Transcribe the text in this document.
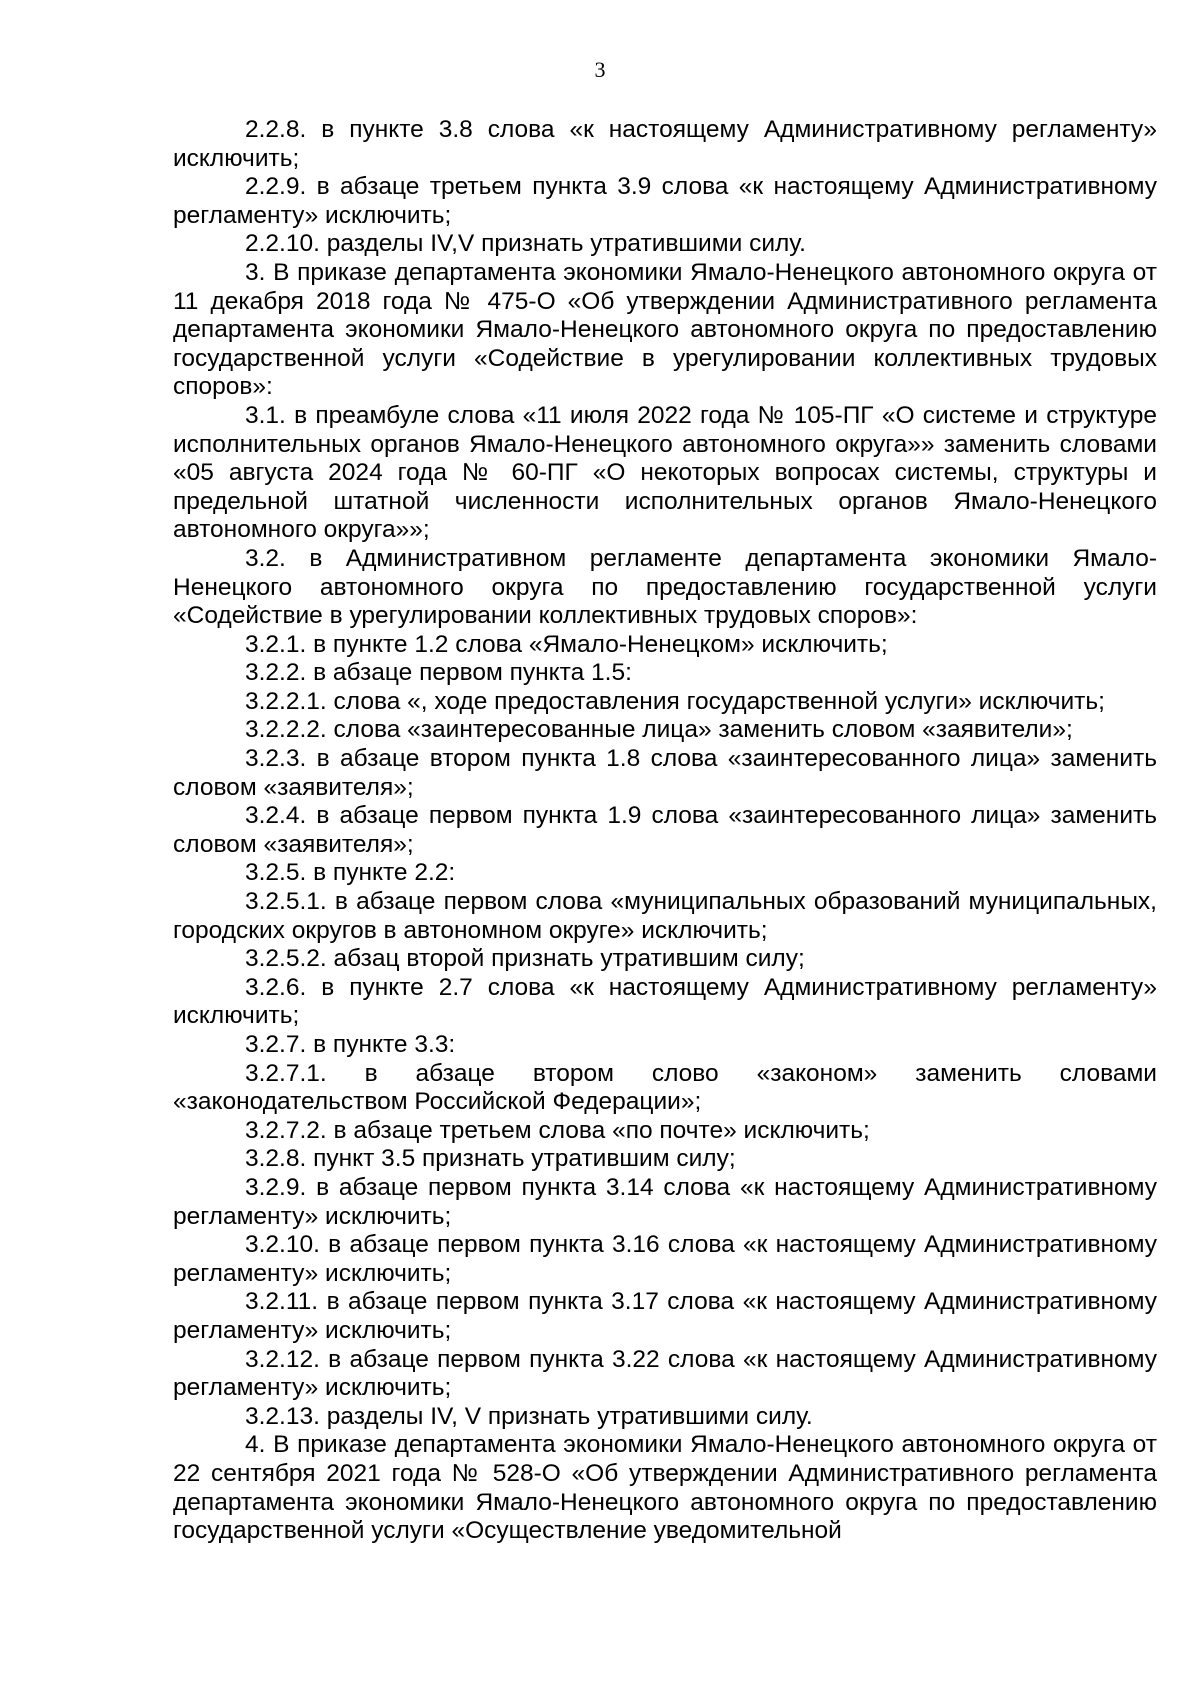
3

2.2.8. в пункте 3.8 слова «к настоящему Административному регламенту» исключить;

2.2.9. в абзаце третьем пункта 3.9 слова «к настоящему Административному регламенту» исключить;

2.2.10. разделы IV,V признать утратившими силу.

3. В приказе департамента экономики Ямало-Ненецкого автономного округа от 11 декабря 2018 года № 475-О «Об утверждении Административного регламента департамента экономики Ямало-Ненецкого автономного округа по предоставлению государственной услуги «Содействие в урегулировании коллективных трудовых споров»:

3.1. в преамбуле слова «11 июля 2022 года № 105-ПГ «О системе и структуре исполнительных органов Ямало-Ненецкого автономного округа»» заменить словами «05 августа 2024 года № 60-ПГ «О некоторых вопросах системы, структуры и предельной штатной численности исполнительных органов Ямало-Ненецкого автономного округа»»;

3.2. в Административном регламенте департамента экономики Ямало-Ненецкого автономного округа по предоставлению государственной услуги «Содействие в урегулировании коллективных трудовых споров»:

3.2.1. в пункте 1.2 слова «Ямало-Ненецком» исключить;

3.2.2. в абзаце первом пункта 1.5:

3.2.2.1. слова «, ходе предоставления государственной услуги» исключить;

3.2.2.2. слова «заинтересованные лица» заменить словом «заявители»;

3.2.3. в абзаце втором пункта 1.8 слова «заинтересованного лица» заменить словом «заявителя»;

3.2.4. в абзаце первом пункта 1.9 слова «заинтересованного лица» заменить словом «заявителя»;

3.2.5. в пункте 2.2:

3.2.5.1. в абзаце первом слова «муниципальных образований муниципальных, городских округов в автономном округе» исключить;

3.2.5.2. абзац второй признать утратившим силу;

3.2.6. в пункте 2.7 слова «к настоящему Административному регламенту» исключить;

3.2.7. в пункте 3.3:

3.2.7.1. в абзаце втором слово «законом» заменить словами «законодательством Российской Федерации»;

3.2.7.2. в абзаце третьем слова «по почте» исключить;

3.2.8. пункт 3.5 признать утратившим силу;

3.2.9. в абзаце первом пункта 3.14 слова «к настоящему Административному регламенту» исключить;

3.2.10. в абзаце первом пункта 3.16 слова «к настоящему Административному регламенту» исключить;

3.2.11. в абзаце первом пункта 3.17 слова «к настоящему Административному регламенту» исключить;

3.2.12. в абзаце первом пункта 3.22 слова «к настоящему Административному регламенту» исключить;

3.2.13. разделы IV, V признать утратившими силу.

4. В приказе департамента экономики Ямало-Ненецкого автономного округа от 22 сентября 2021 года № 528-О «Об утверждении Административного регламента департамента экономики Ямало-Ненецкого автономного округа по предоставлению государственной услуги «Осуществление уведомительной
